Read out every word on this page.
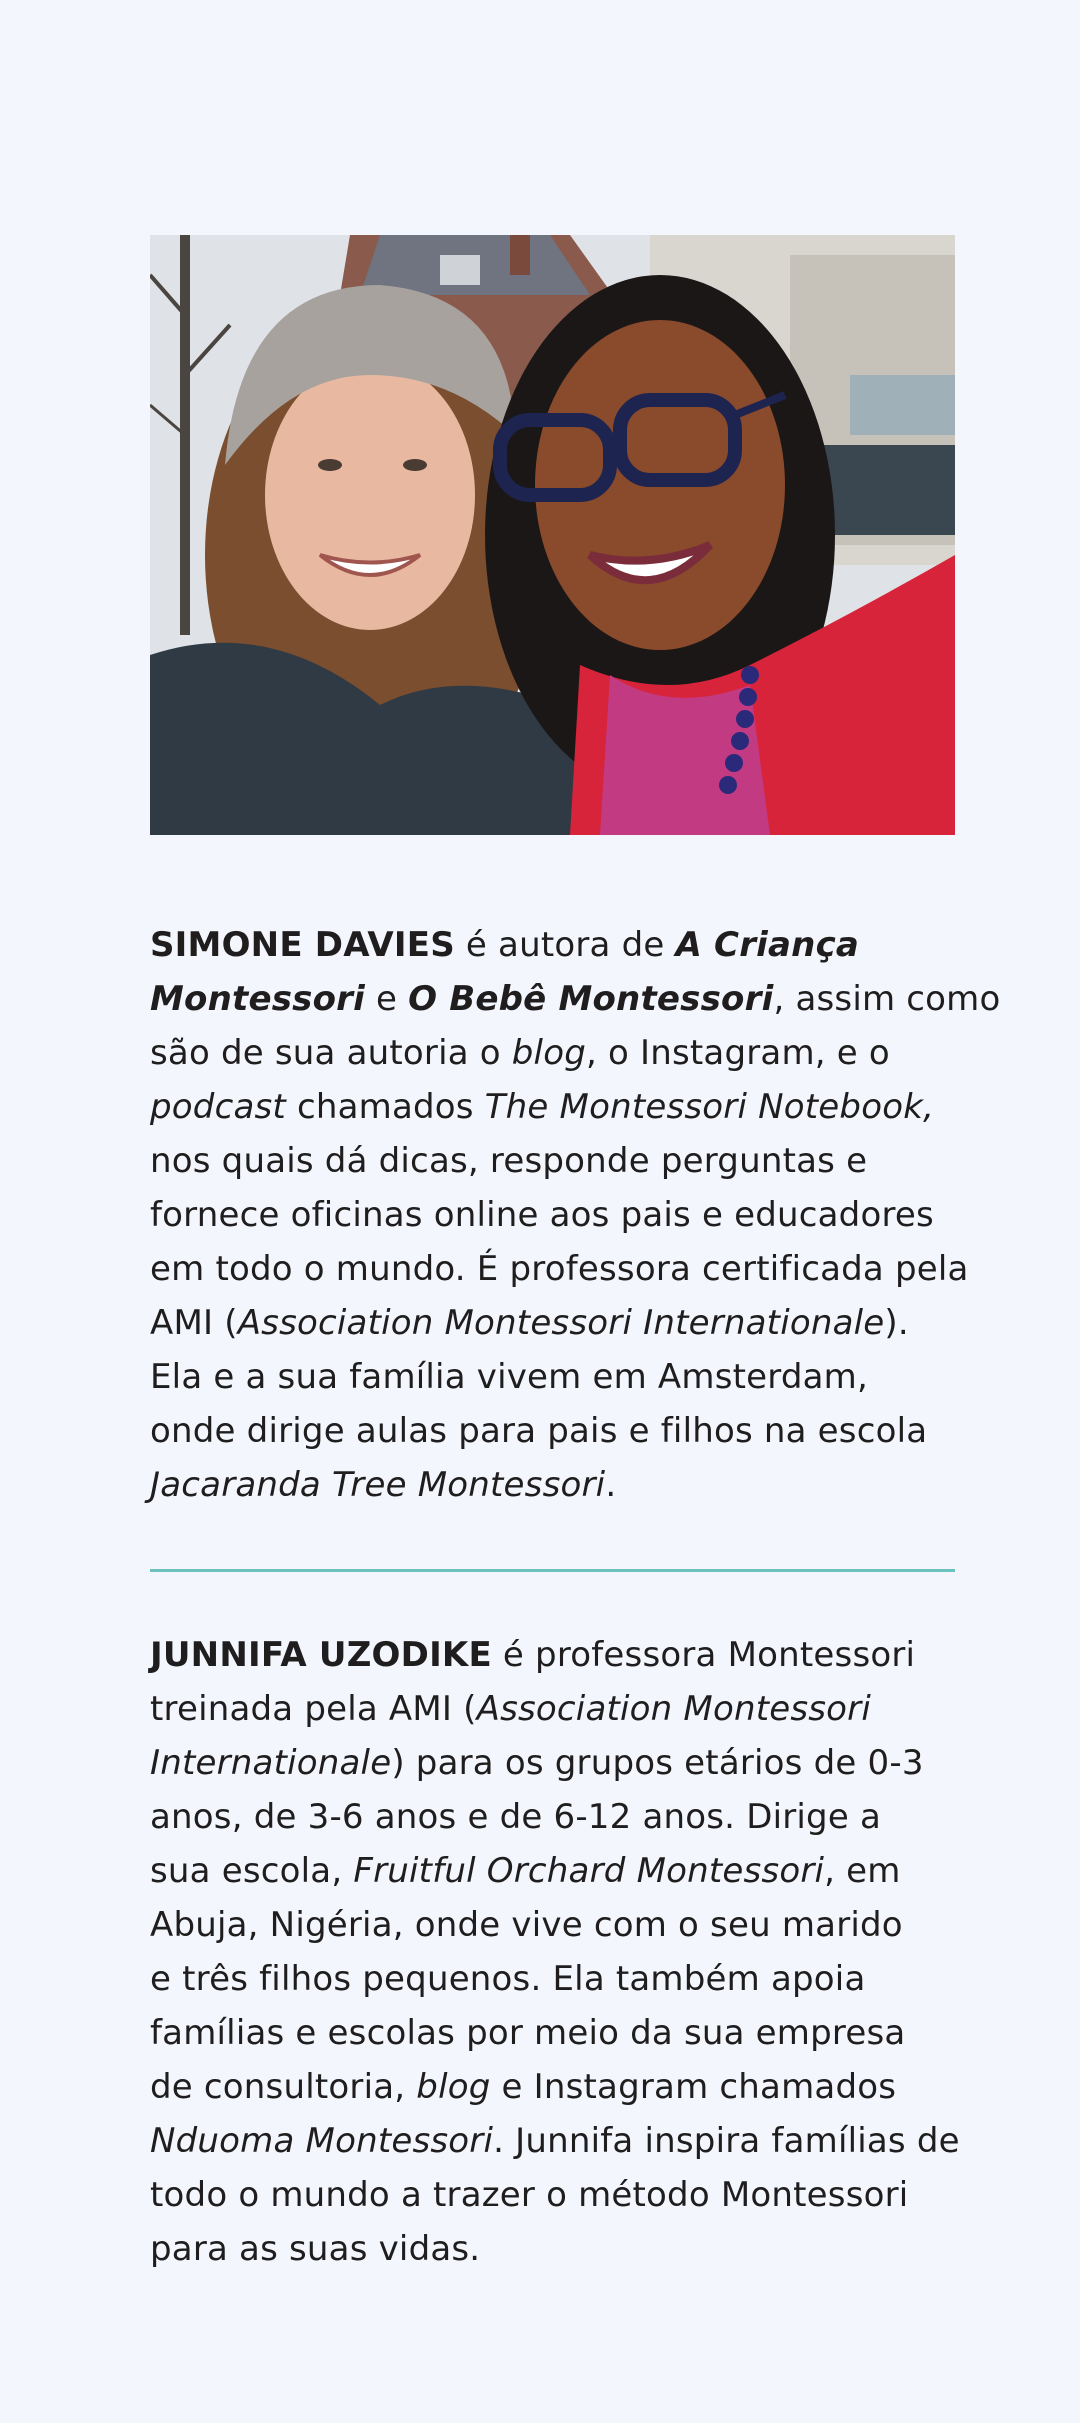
SIMONE DAVIES é autora de A Criança
Montessori e O Bebê Montessori, assim como
são de sua autoria o blog, o Instagram, e o
podcast chamados The Montessori Notebook,
nos quais dá dicas, responde perguntas e
fornece oficinas online aos pais e educadores
em todo o mundo. É professora certificada pela
AMI (Association Montessori Internationale).
Ela e a sua família vivem em Amsterdam,
onde dirige aulas para pais e filhos na escola
Jacaranda Tree Montessori.
JUNNIFA UZODIKE é professora Montessori
treinada pela AMI (Association Montessori
Internationale) para os grupos etários de 0-3
anos, de 3-6 anos e de 6-12 anos. Dirige a
sua escola, Fruitful Orchard Montessori, em
Abuja, Nigéria, onde vive com o seu marido
e três filhos pequenos. Ela também apoia
famílias e escolas por meio da sua empresa
de consultoria, blog e Instagram chamados
Nduoma Montessori. Junnifa inspira famílias de
todo o mundo a trazer o método Montessori
para as suas vidas.
